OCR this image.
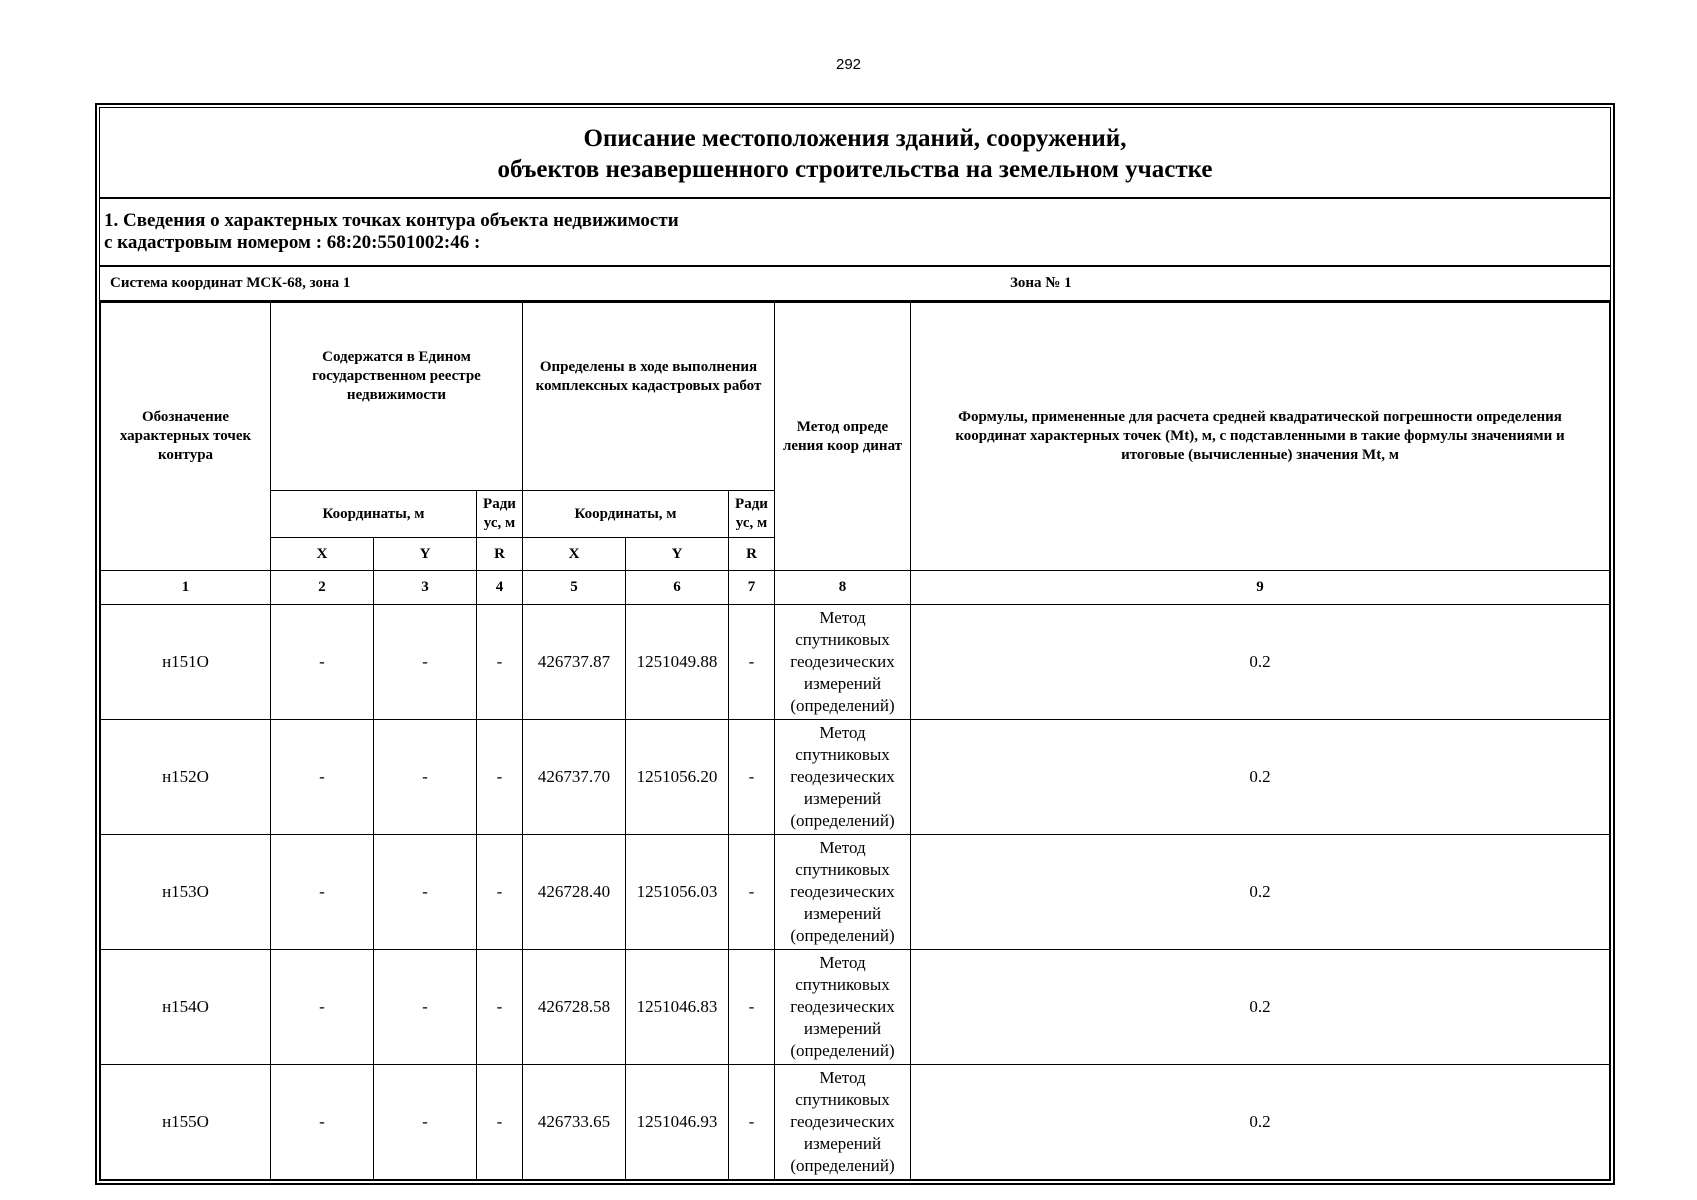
292
Описание местоположения зданий, сооружений,
объектов незавершенного строительства на земельном участке
1. Сведения о характерных точках контура объекта недвижимости
с кадастровым номером : 68:20:5501002:46 :
Система координат МСК-68, зона 1	Зона № 1
Обозначение характерных точек контура	Содержатся в Едином государственном реестре недвижимости			Определены в ходе выполнения комплексных кадастровых работ			Метод опреде ления коор динат	Формулы, примененные для расчета средней квадратической погрешности определения координат характерных точек (Mt), м, с подставленными в такие формулы значениями и итоговые (вычисленные) значения Mt, м
	Координаты, м		Ради ус, м	Координаты, м		Ради ус, м		
	X	Y	R	X	Y	R		
1	2	3	4	5	6	7	8	9
н151О	-	-	-	426737.87	1251049.88	-	Метод спутниковых геодезических измерений (определений)	0.2
н152О	-	-	-	426737.70	1251056.20	-	Метод спутниковых геодезических измерений (определений)	0.2
н153О	-	-	-	426728.40	1251056.03	-	Метод спутниковых геодезических измерений (определений)	0.2
н154О	-	-	-	426728.58	1251046.83	-	Метод спутниковых геодезических измерений (определений)	0.2
н155О	-	-	-	426733.65	1251046.93	-	Метод спутниковых геодезических измерений (определений)	0.2
